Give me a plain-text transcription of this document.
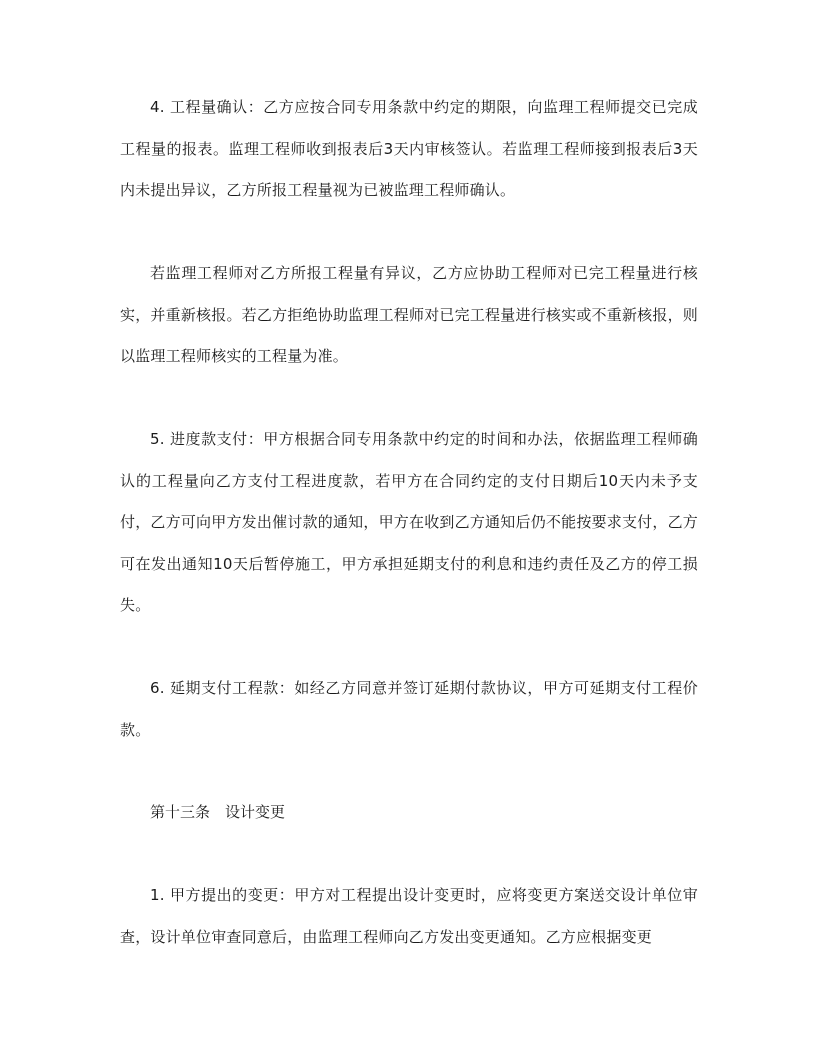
4. 工程量确认：乙方应按合同专用条款中约定的期限，向监理工程师提交已完成工程量的报表。监理工程师收到报表后3天内审核签认。若监理工程师接到报表后3天内未提出异议，乙方所报工程量视为已被监理工程师确认。

若监理工程师对乙方所报工程量有异议，乙方应协助工程师对已完工程量进行核实，并重新核报。若乙方拒绝协助监理工程师对已完工程量进行核实或不重新核报，则以监理工程师核实的工程量为准。

5. 进度款支付：甲方根据合同专用条款中约定的时间和办法，依据监理工程师确认的工程量向乙方支付工程进度款，若甲方在合同约定的支付日期后10天内未予支付，乙方可向甲方发出催讨款的通知，甲方在收到乙方通知后仍不能按要求支付，乙方可在发出通知10天后暂停施工，甲方承担延期支付的利息和违约责任及乙方的停工损失。

6. 延期支付工程款：如经乙方同意并签订延期付款协议，甲方可延期支付工程价款。

第十三条　设计变更

1. 甲方提出的变更：甲方对工程提出设计变更时，应将变更方案送交设计单位审查，设计单位审查同意后，由监理工程师向乙方发出变更通知。乙方应根据变更
